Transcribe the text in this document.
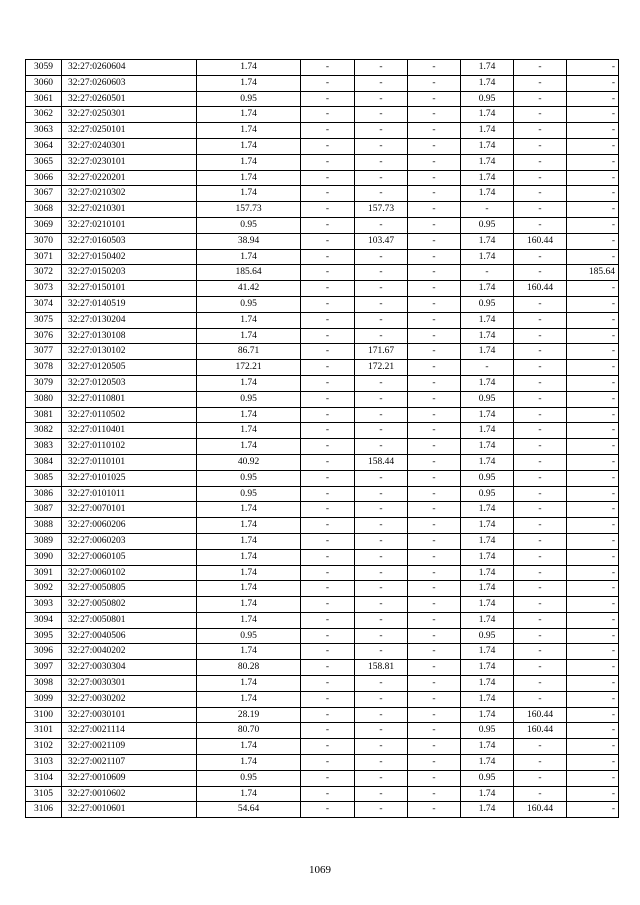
3059	32:27:0260604	1.74	-	-	-	1.74	-	-
3060	32:27:0260603	1.74	-	-	-	1.74	-	-
3061	32:27:0260501	0.95	-	-	-	0.95	-	-
3062	32:27:0250301	1.74	-	-	-	1.74	-	-
3063	32:27:0250101	1.74	-	-	-	1.74	-	-
3064	32:27:0240301	1.74	-	-	-	1.74	-	-
3065	32:27:0230101	1.74	-	-	-	1.74	-	-
3066	32:27:0220201	1.74	-	-	-	1.74	-	-
3067	32:27:0210302	1.74	-	-	-	1.74	-	-
3068	32:27:0210301	157.73	-	157.73	-	-	-	-
3069	32:27:0210101	0.95	-	-	-	0.95	-	-
3070	32:27:0160503	38.94	-	103.47	-	1.74	160.44	-
3071	32:27:0150402	1.74	-	-	-	1.74	-	-
3072	32:27:0150203	185.64	-	-	-	-	-	185.64
3073	32:27:0150101	41.42	-	-	-	1.74	160.44	-
3074	32:27:0140519	0.95	-	-	-	0.95	-	-
3075	32:27:0130204	1.74	-	-	-	1.74	-	-
3076	32:27:0130108	1.74	-	-	-	1.74	-	-
3077	32:27:0130102	86.71	-	171.67	-	1.74	-	-
3078	32:27:0120505	172.21	-	172.21	-	-	-	-
3079	32:27:0120503	1.74	-	-	-	1.74	-	-
3080	32:27:0110801	0.95	-	-	-	0.95	-	-
3081	32:27:0110502	1.74	-	-	-	1.74	-	-
3082	32:27:0110401	1.74	-	-	-	1.74	-	-
3083	32:27:0110102	1.74	-	-	-	1.74	-	-
3084	32:27:0110101	40.92	-	158.44	-	1.74	-	-
3085	32:27:0101025	0.95	-	-	-	0.95	-	-
3086	32:27:0101011	0.95	-	-	-	0.95	-	-
3087	32:27:0070101	1.74	-	-	-	1.74	-	-
3088	32:27:0060206	1.74	-	-	-	1.74	-	-
3089	32:27:0060203	1.74	-	-	-	1.74	-	-
3090	32:27:0060105	1.74	-	-	-	1.74	-	-
3091	32:27:0060102	1.74	-	-	-	1.74	-	-
3092	32:27:0050805	1.74	-	-	-	1.74	-	-
3093	32:27:0050802	1.74	-	-	-	1.74	-	-
3094	32:27:0050801	1.74	-	-	-	1.74	-	-
3095	32:27:0040506	0.95	-	-	-	0.95	-	-
3096	32:27:0040202	1.74	-	-	-	1.74	-	-
3097	32:27:0030304	80.28	-	158.81	-	1.74	-	-
3098	32:27:0030301	1.74	-	-	-	1.74	-	-
3099	32:27:0030202	1.74	-	-	-	1.74	-	-
3100	32:27:0030101	28.19	-	-	-	1.74	160.44	-
3101	32:27:0021114	80.70	-	-	-	0.95	160.44	-
3102	32:27:0021109	1.74	-	-	-	1.74	-	-
3103	32:27:0021107	1.74	-	-	-	1.74	-	-
3104	32:27:0010609	0.95	-	-	-	0.95	-	-
3105	32:27:0010602	1.74	-	-	-	1.74	-	-
3106	32:27:0010601	54.64	-	-	-	1.74	160.44	-
1069
